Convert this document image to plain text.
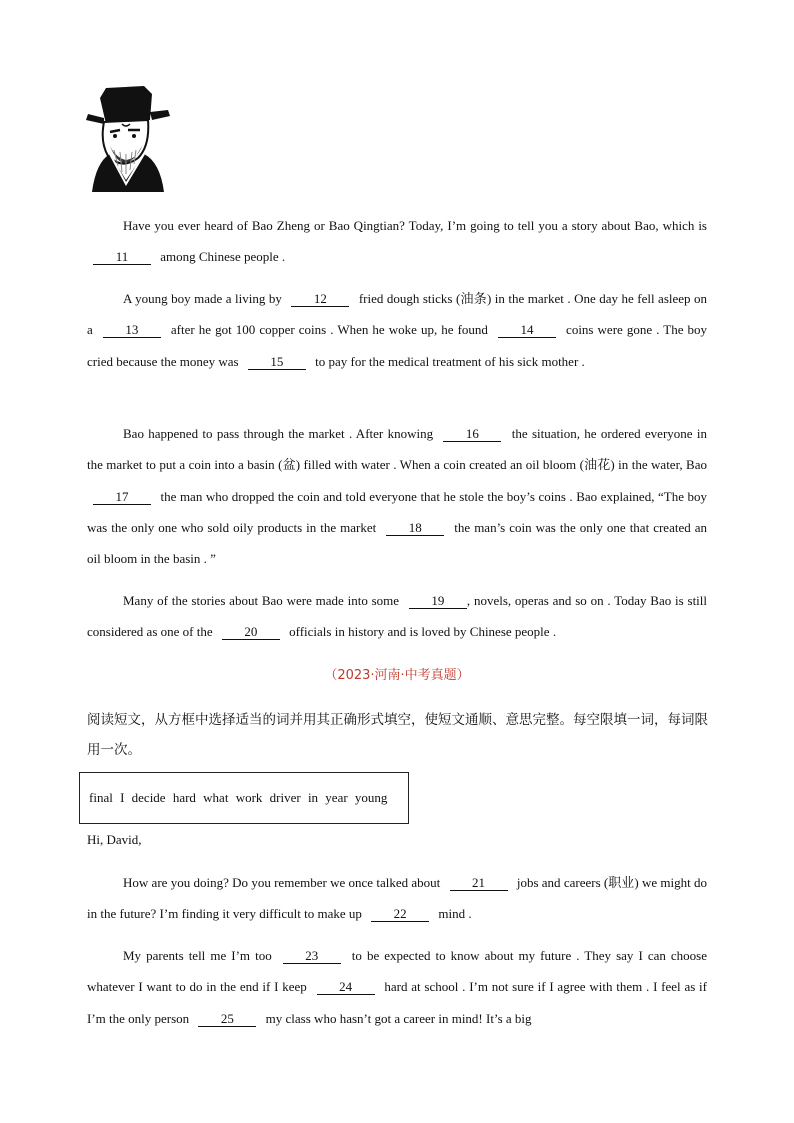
Have you ever heard of Bao Zheng or Bao Qingtian? Today, I’m going to tell you a story about Bao, which is 11 among Chinese people .
A young boy made a living by 12 fried dough sticks (油条) in the market . One day he fell asleep on a	13	after he got 100 copper coins . When he woke up, he found	14	coins were gone . The boy cried because the money was 15 to pay for the medical treatment of his sick mother .
Bao happened to pass through the market . After knowing	16	the situation, he ordered everyone in the market to put a coin into a basin (盆) filled with water . When a coin created an oil bloom (油花) in the water, Bao 17 the man who dropped the coin and told everyone that he stole the boy’s coins . Bao explained, “The boy was the only one who sold oily products in the market	18	the man’s coin was the only one that created an oil bloom in the basin . ”
Many of the stories about Bao were made into some 19 , novels, operas and so on . Today Bao is still considered as one of the 20 officials in history and is loved by Chinese people .
（2023·河南·中考真题）
阅读短文，从方框中选择适当的词并用其正确形式填空，使短文通顺、意思完整。每空限填一词，每词限用一次。
final I decide hard what work driver in year young
Hi, David,
How are you doing? Do you remember we once talked about 21 jobs and careers (职业) we might do in the future? I’m finding it very difficult to make up 22 mind .
My parents tell me I’m too	23	to be expected to know about my future . They say I can choose whatever I want to do in the end if I keep 24 hard at school . I’m not sure if I agree with them . I feel as if I’m the only person 25 my class who hasn’t got a career in mind! It’s a big
